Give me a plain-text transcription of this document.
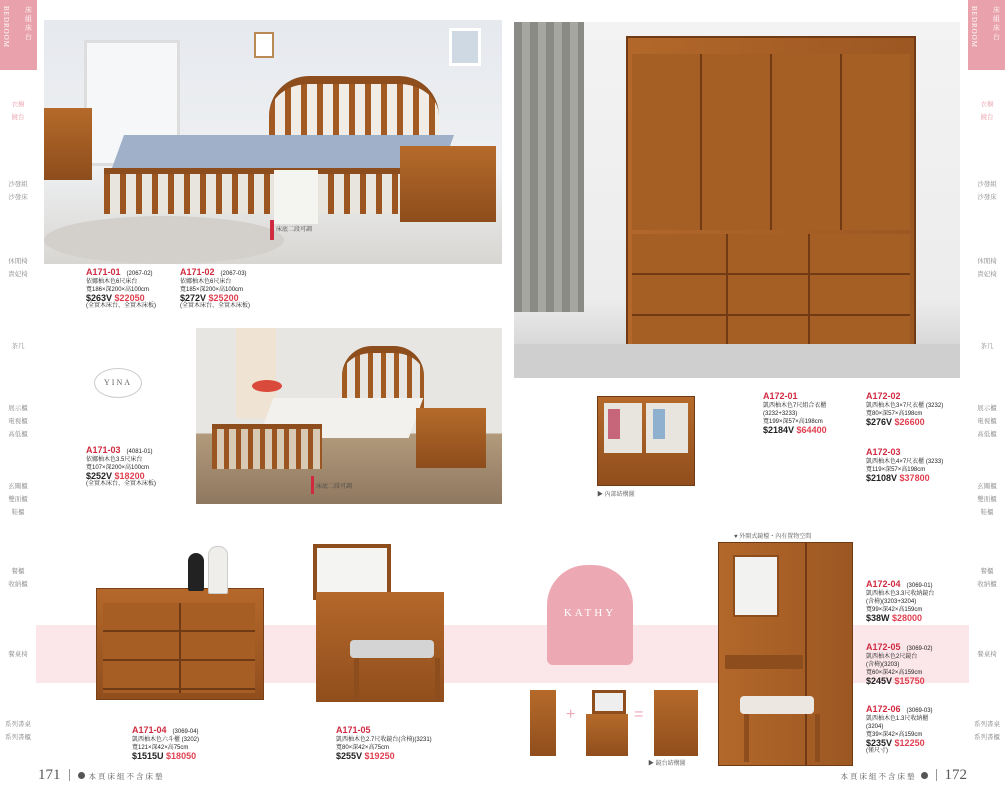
BEDROOM 床組 床台	BEDROOM 床組 床台
衣櫥
鏡台
沙發組
沙發床
休閒椅
貴妃椅
茶几
展示櫃
電視櫃
高低櫃
玄關櫃
雙面櫃
鞋櫃
餐櫃
收納櫃
餐桌椅
系列書桌
系列書櫃
衣櫥
鏡台
沙發組
沙發床
休閒椅
貴妃椅
茶几
展示櫃
電視櫃
高低櫃
玄關櫃
雙面櫃
鞋櫃
餐櫃
收納櫃
餐桌椅
系列書桌
系列書櫃
床底二段可調
A171-01 (2067-02)
依娜柚木色6尺床台
寬186×深200×高100cm
$263V $22050
(全實木床台、全實木床板)
A171-02 (2067-03)
依娜柚木色6尺床台
寬185×深200×高100cm
$272V $25200
(全實木床台、全實木床板)
床底二段可調
YINA
A171-03 (4081-01)
依娜柚木色3.5尺床台
寬107×深200×高100cm
$252V $18200
(全實木床台、全實木床板)
A171-04 (3069-04)
凱西柚木色六斗櫃 (3202)
寬121×深42×高75cm
$1515U $18050
A171-05
凱西柚木色2.7尺收鏡台(含椅)(3231)
寬80×深42×高75cm
$255V $19250
▶ 內部結構圖
A172-01
凱西柚木色7尺組合衣櫃
(3232+3233)
寬199×深57×高198cm
$2184V $64400
A172-02
凱西柚木色3×7尺衣櫃 (3232)
寬80×深57×高198cm
$276V $26600
A172-03
凱西柚木色4×7尺衣櫃 (3233)
寬119×深57×高198cm
$2108V $37800
KATHY
+	=
▶ 鏡台結構圖
♥ 外開式鏡檯・內有置物空間
A172-04 (3069-01)
凱西柚木色3.3尺收納鏡台
(含椅)(3203+3204)
寬99×深42×高159cm
$38W $28000
A172-05 (3069-02)
凱西柚木色2尺鏡台
(含椅)(3203)
寬60×深42×高159cm
$245V $15750
A172-06 (3069-03)
凱西柚木色1.3尺收納櫃
(3204)
寬39×深42×高159cm
$235V $12250
(僅尺寸)
171	本頁床組不含床墊	本頁床組不含床墊 172
